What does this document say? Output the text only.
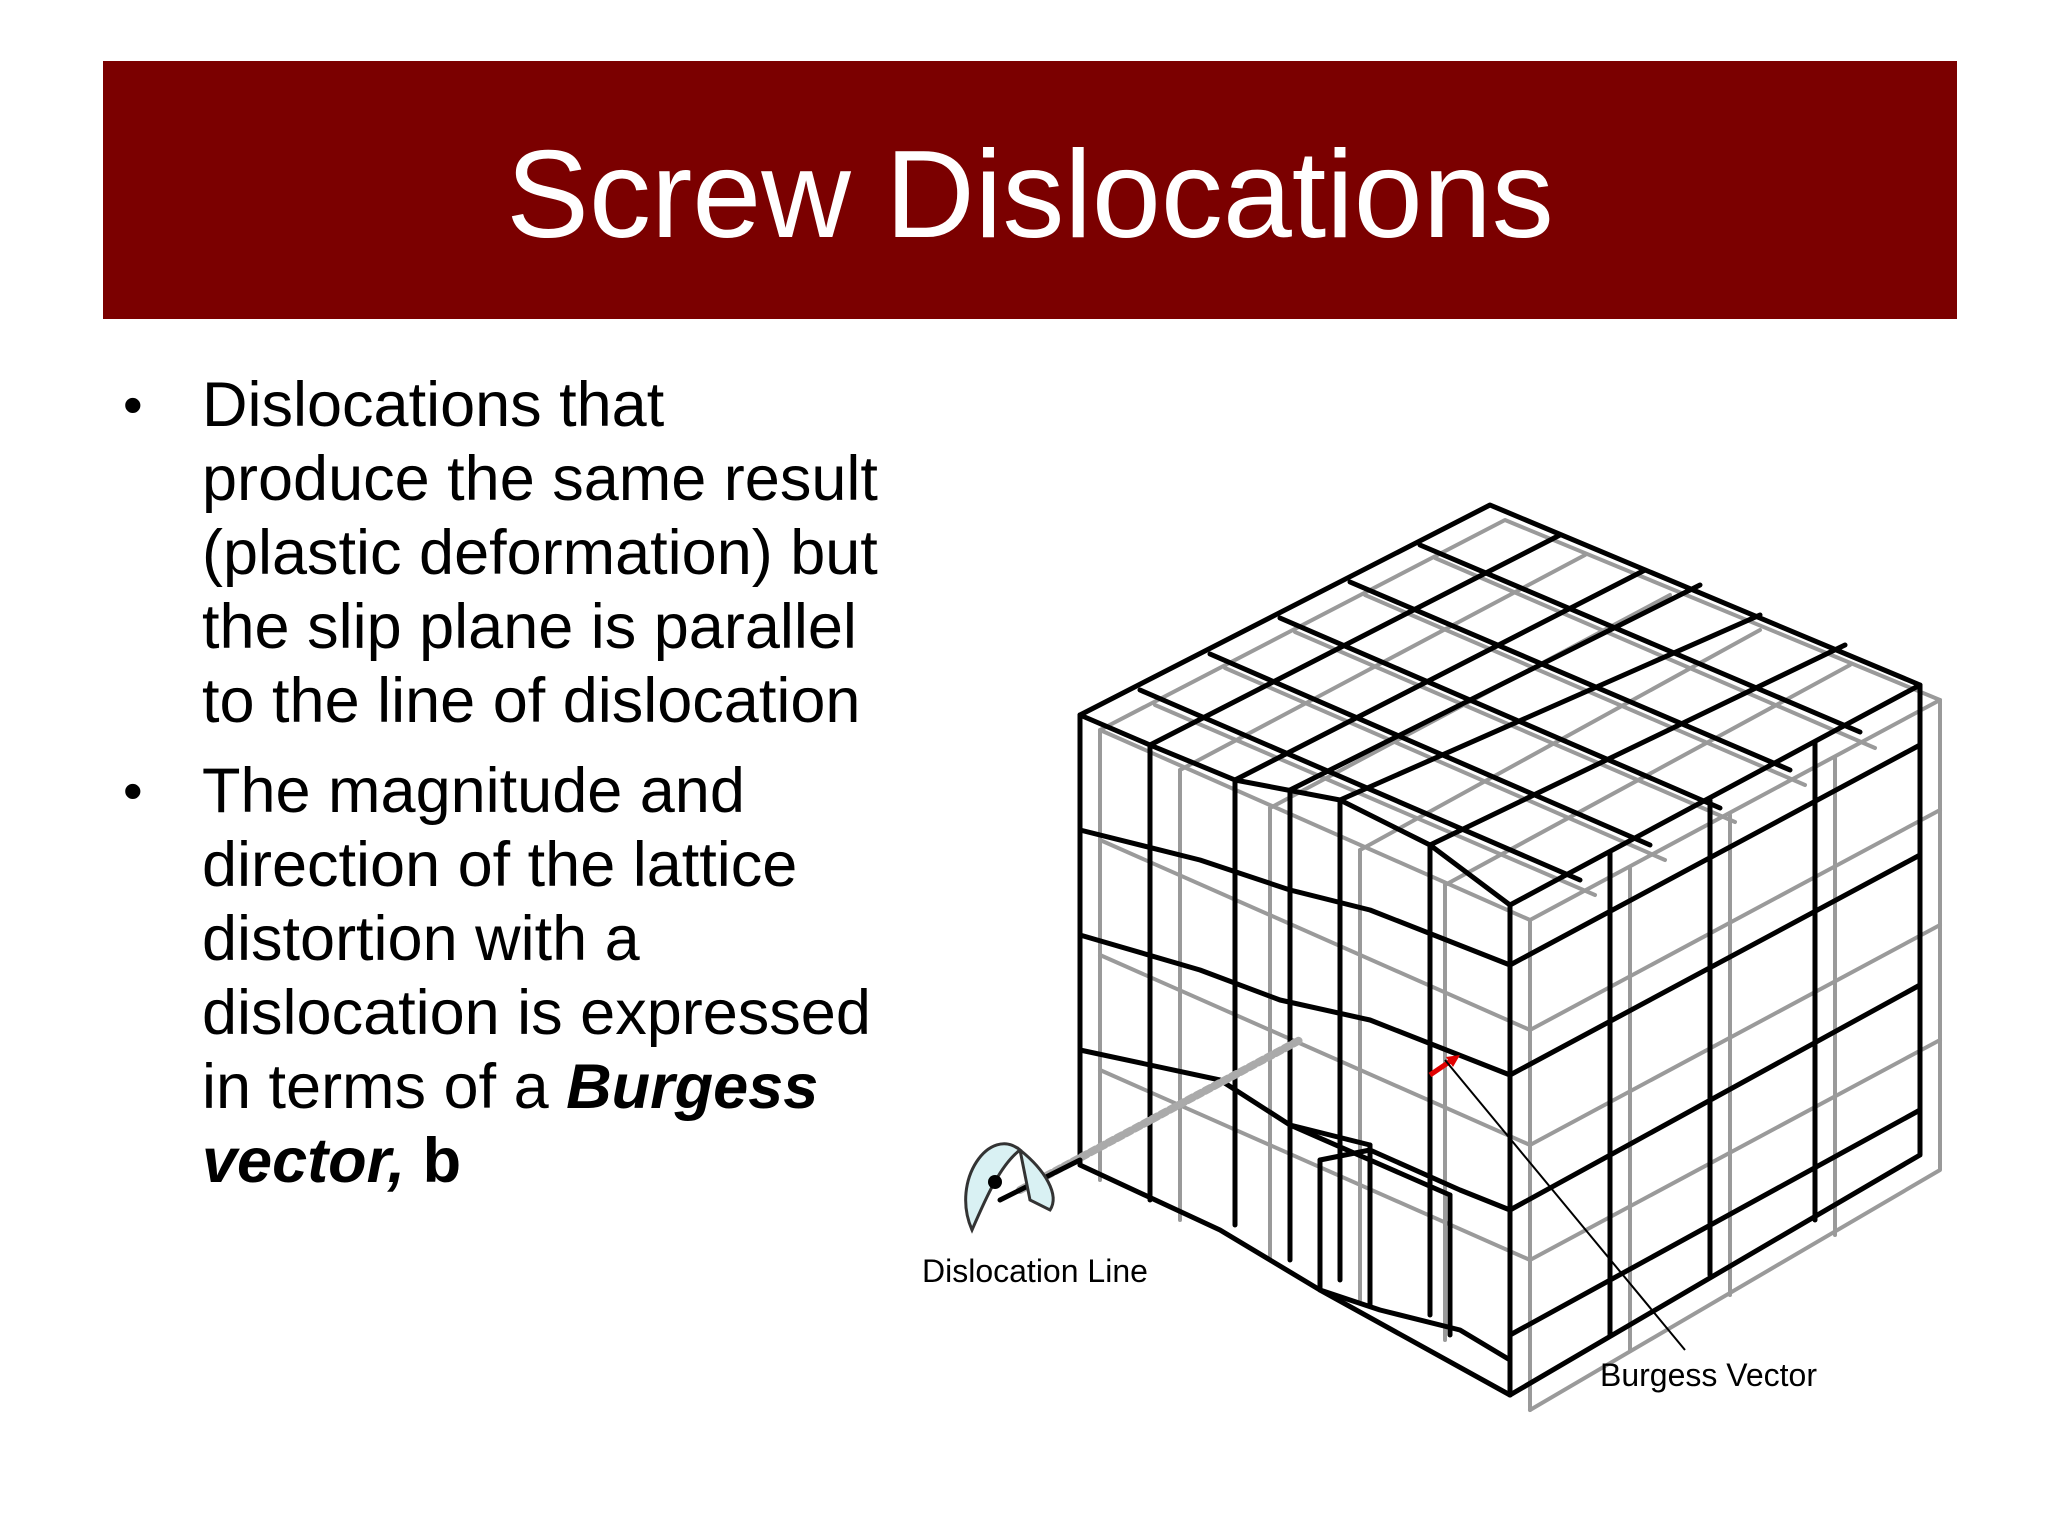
Screw Dislocations
• Dislocations that produce the same result (plastic deformation) but the slip plane is parallel to the line of dislocation
• The magnitude and direction of the lattice distortion with a dislocation is expressed in terms of a Burgess vector, b
Dislocation Line
Burgess Vector
